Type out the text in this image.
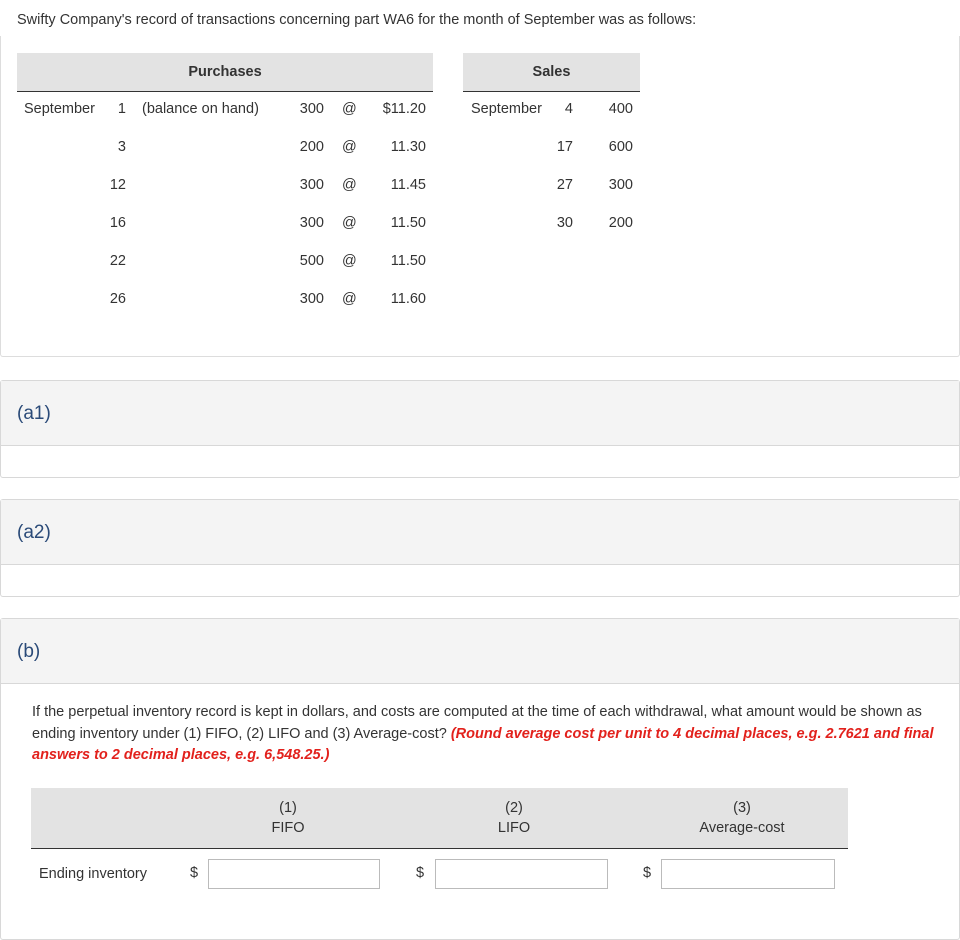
Swifty Company's record of transactions concerning part WA6 for the month of September was as follows:
Purchases	Sales
September	1 (balance on hand)	300 @	$11.20
3	200 @	11.30
12	300 @	11.45
16	300 @	11.50
22	500 @	11.50
26	300 @	11.60
September	4	400
17	600
27	300
30	200
(a1)
(a2)
(b)
If the perpetual inventory record is kept in dollars, and costs are computed at the time of each withdrawal, what amount would be shown as ending inventory under (1) FIFO, (2) LIFO and (3) Average-cost? (Round average cost per unit to 4 decimal places, e.g. 2.7621 and final answers to 2 decimal places, e.g. 6,548.25.)
(1)
FIFO
(2)
LIFO
(3)
Average-cost
Ending inventory	$	$	$
